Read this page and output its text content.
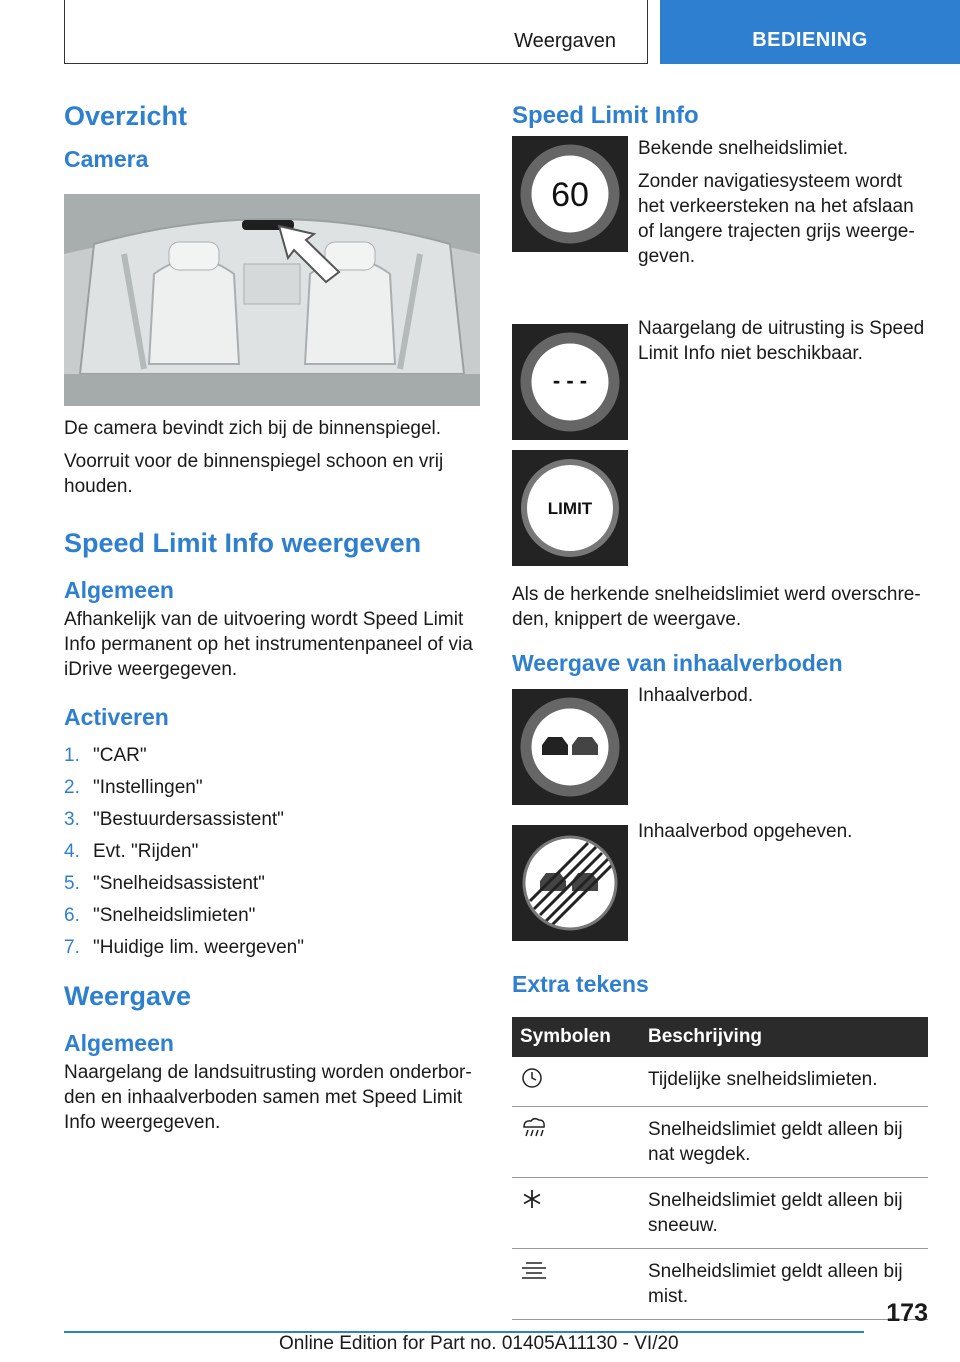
Weergaven	BEDIENING
Overzicht
Camera

De camera bevindt zich bij de binnenspiegel.

Voorruit voor de binnenspiegel schoon en vrij houden.

Speed Limit Info weergeven
Algemeen

Afhankelijk van de uitvoering wordt Speed Limit Info permanent op het instrumentenpaneel of via iDrive weergegeven.

Activeren
1. "CAR"
2. "Instellingen"
3. "Bestuurdersassistent"
4. Evt. "Rijden"
5. "Snelheidsassistent"
6. "Snelheidslimieten"
7. "Huidige lim. weergeven"
Weergave
Algemeen

Naargelang de landsuitrusting worden onderbor-den en inhaalverboden samen met Speed Limit Info weergegeven.

Speed Limit Info
60

Bekende snelheidslimiet.

Zonder navigatiesysteem wordt het verkeersteken na het afslaan of langere trajecten grijs weerge-geven.

- - -

Naargelang de uitrusting is Speed Limit Info niet beschikbaar.

LIMIT

Als de herkende snelheidslimiet werd overschre-den, knippert de weergave.

Weergave van inhaalverboden

Inhaalverbod.

Inhaalverbod opgeheven.

Extra tekens
Symbolen	Beschrijving
	Tijdelijke snelheidslimieten.
	Snelheidslimiet geldt alleen bij nat wegdek.
	Snelheidslimiet geldt alleen bij sneeuw.
	Snelheidslimiet geldt alleen bij mist.
173
Online Edition for Part no. 01405A11130 - VI/20
